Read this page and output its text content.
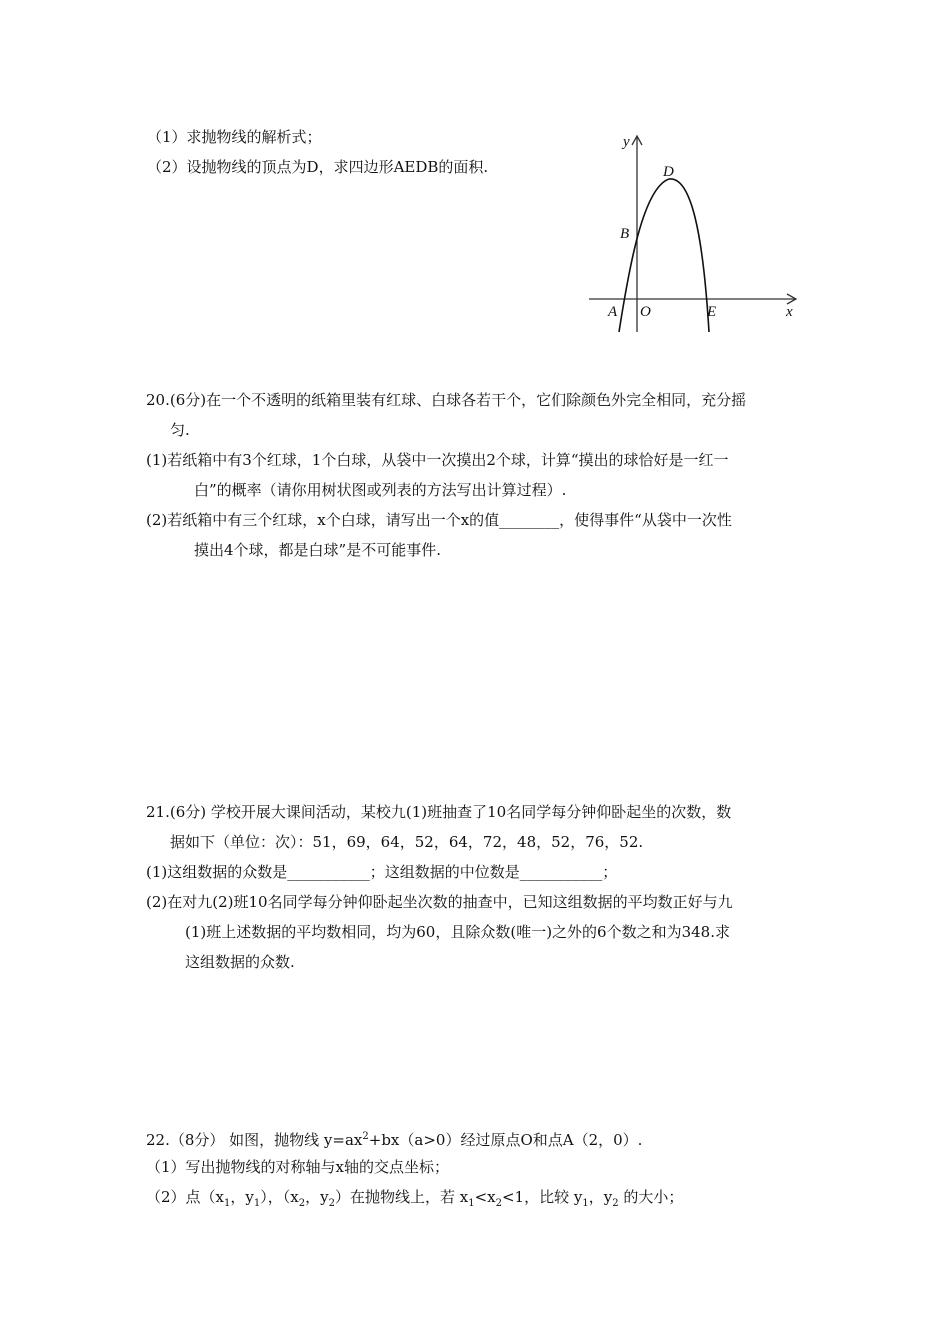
（1）求抛物线的解析式；
（2）设抛物线的顶点为D，求四边形AEDB的面积.
y
x
D
B
A O	E
20.(6分)在一个不透明的纸箱里装有红球、白球各若干个，它们除颜色外完全相同，充分摇
匀.
(1)若纸箱中有3个红球，1个白球，从袋中一次摸出2个球，计算“摸出的球恰好是一红一
白”的概率（请你用树状图或列表的方法写出计算过程）.
(2)若纸箱中有三个红球，x个白球，请写出一个x的值________，使得事件“从袋中一次性
摸出4个球，都是白球”是不可能事件.
21.(6分) 学校开展大课间活动，某校九(1)班抽查了10名同学每分钟仰卧起坐的次数，数
据如下（单位：次）：51，69，64，52，64，72，48，52，76，52.
(1)这组数据的众数是___________；这组数据的中位数是___________；
(2)在对九(2)班10名同学每分钟仰卧起坐次数的抽查中，已知这组数据的平均数正好与九
(1)班上述数据的平均数相同，均为60，且除众数(唯一)之外的6个数之和为348.求
这组数据的众数.
22.（8分） 如图，抛物线 $y=ax^2+bx(a>0)$经过原点O和点A（2，0）.
（1）写出抛物线的对称轴与x轴的交点坐标；
（2）点（$x_1$，$y_1$），（$x_2$，$y_2$）在抛物线上，若 $x_1<x_2<1$，比较 $y_1$，$y_2$ 的大小；
